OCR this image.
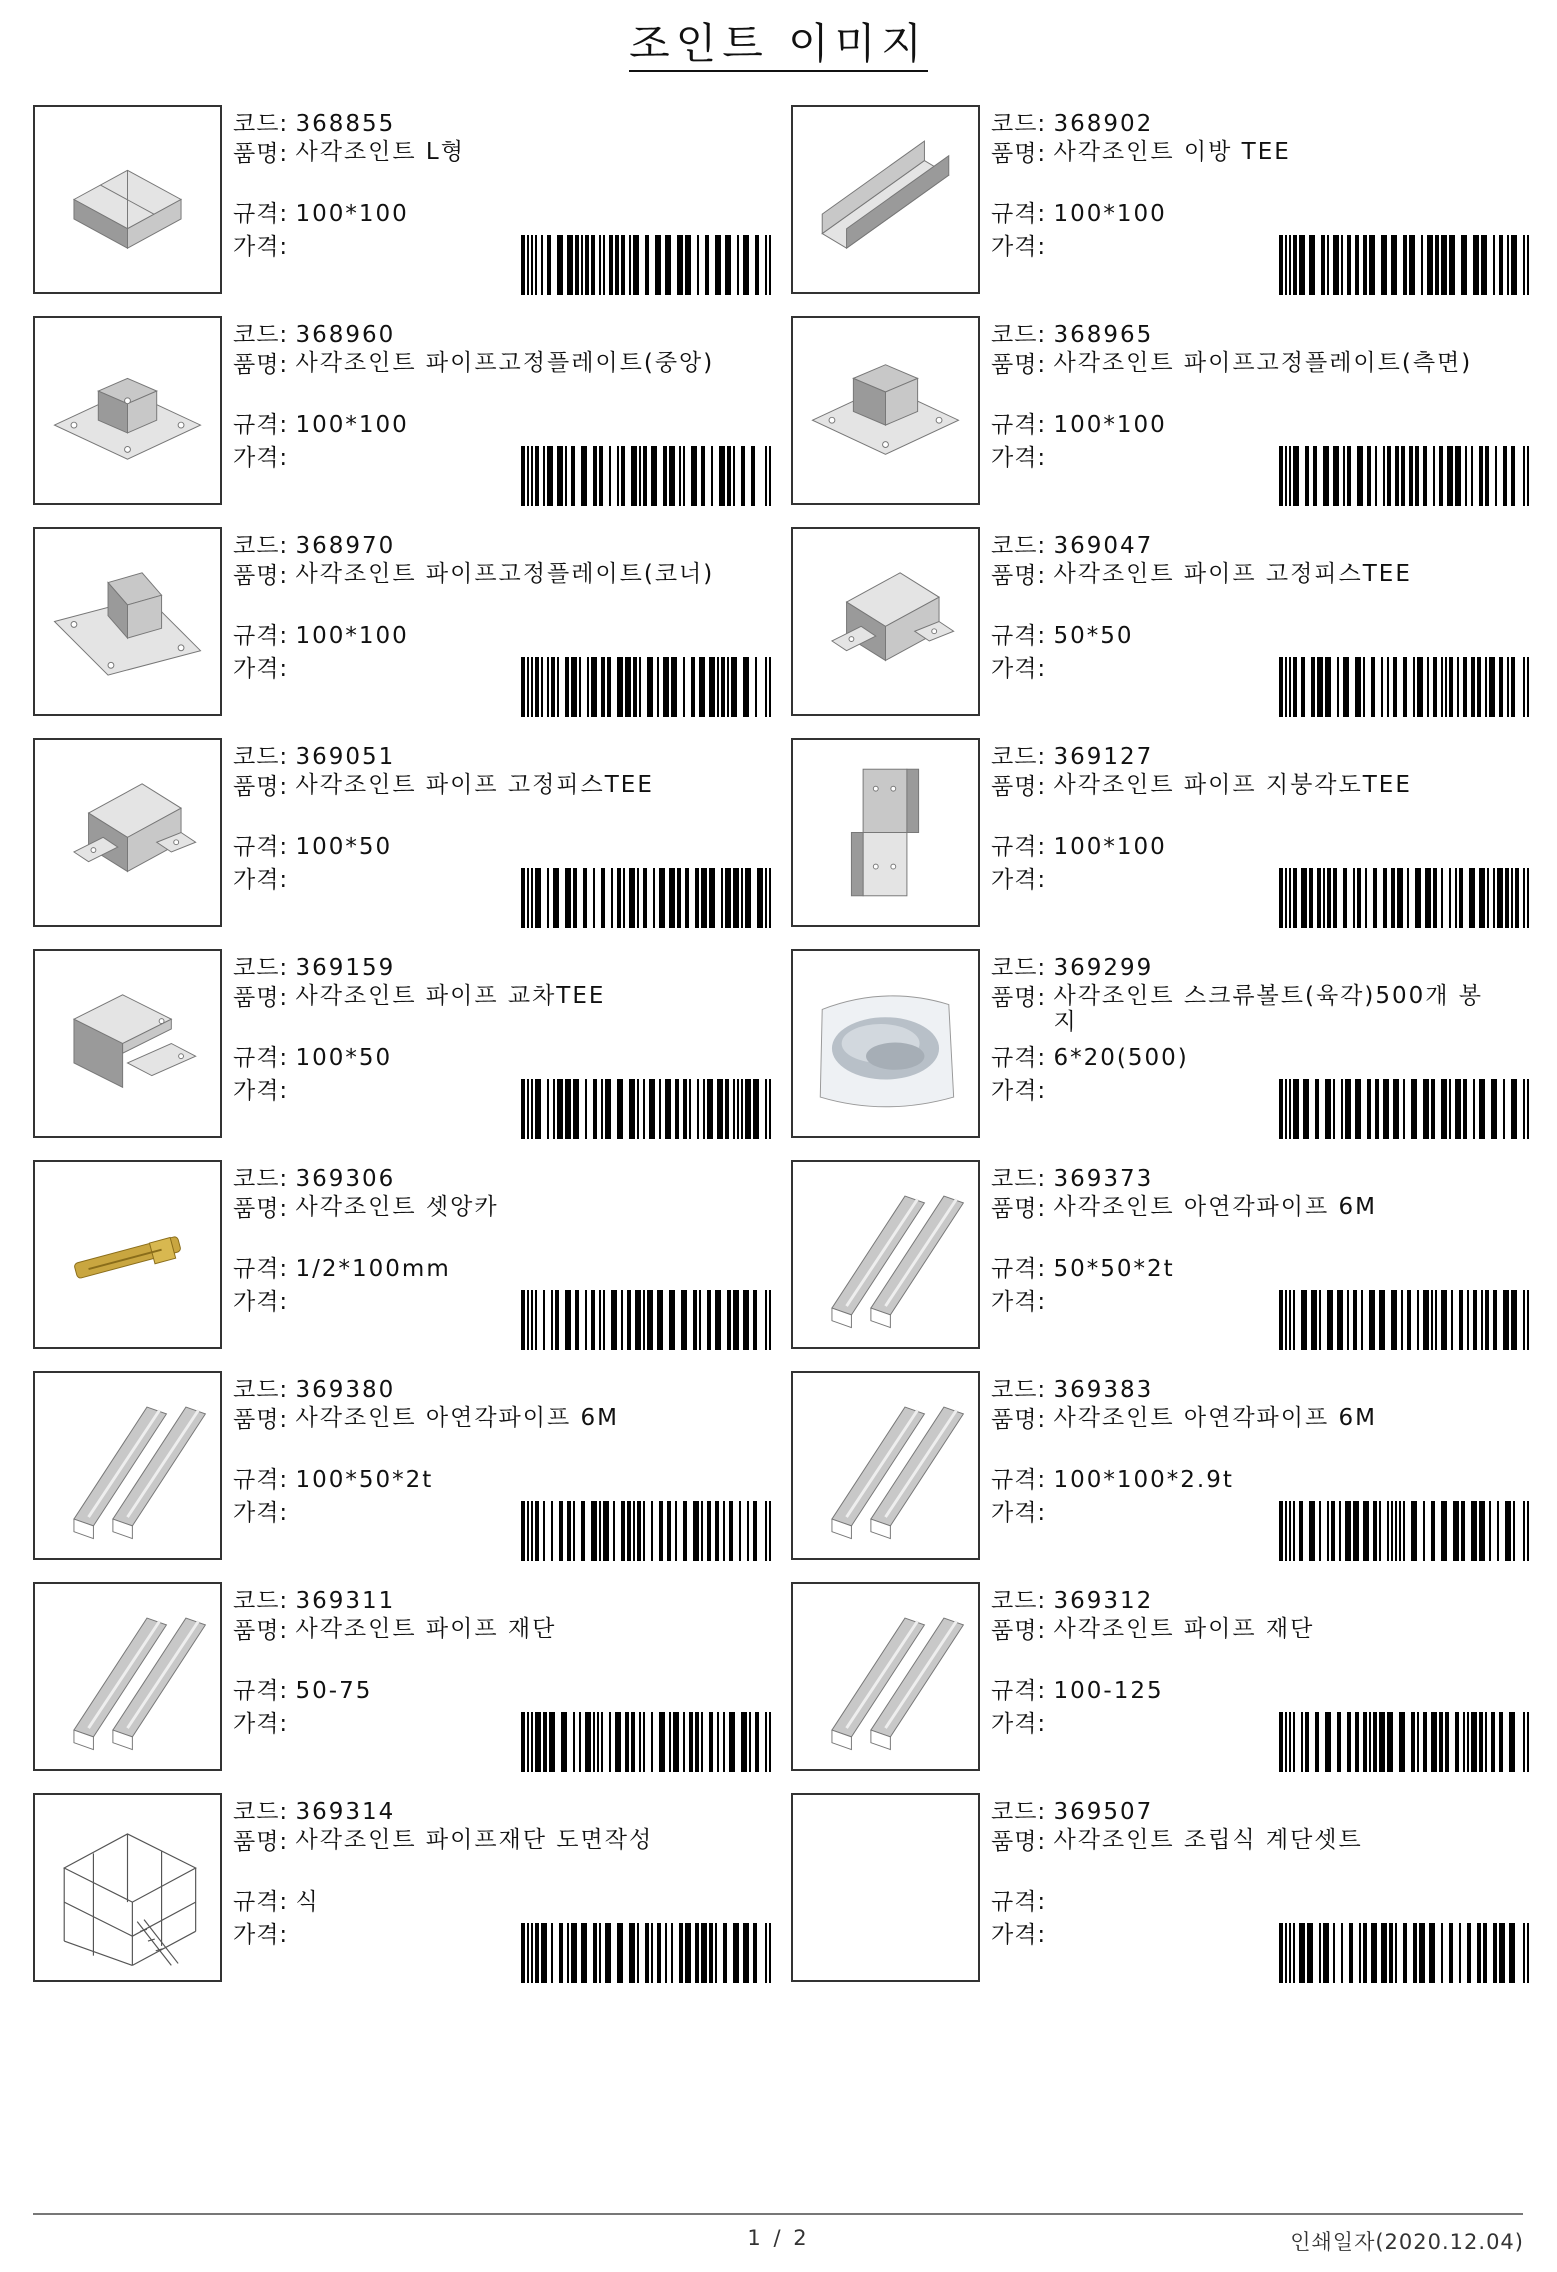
조인트 이미지
코드: 368855
품명: 사각조인트 L형
규격: 100*100
가격:
코드: 368902
품명: 사각조인트 이방 TEE
규격: 100*100
가격:
코드: 368960
품명: 사각조인트 파이프고정플레이트(중앙)
규격: 100*100
가격:
코드: 368965
품명: 사각조인트 파이프고정플레이트(측면)
규격: 100*100
가격:
코드: 368970
품명: 사각조인트 파이프고정플레이트(코너)
규격: 100*100
가격:
코드: 369047
품명: 사각조인트 파이프 고정피스TEE
규격: 50*50
가격:
코드: 369051
품명: 사각조인트 파이프 고정피스TEE
규격: 100*50
가격:
코드: 369127
품명: 사각조인트 파이프 지붕각도TEE
규격: 100*100
가격:
코드: 369159
품명: 사각조인트 파이프 교차TEE
규격: 100*50
가격:
코드: 369299
품명: 사각조인트 스크류볼트(육각)500개 봉지
규격: 6*20(500)
가격:
코드: 369306
품명: 사각조인트 셋앙카
규격: 1/2*100mm
가격:
코드: 369373
품명: 사각조인트 아연각파이프 6M
규격: 50*50*2t
가격:
코드: 369380
품명: 사각조인트 아연각파이프 6M
규격: 100*50*2t
가격:
코드: 369383
품명: 사각조인트 아연각파이프 6M
규격: 100*100*2.9t
가격:
코드: 369311
품명: 사각조인트 파이프 재단
규격: 50-75
가격:
코드: 369312
품명: 사각조인트 파이프 재단
규격: 100-125
가격:
코드: 369314
품명: 사각조인트 파이프재단 도면작성
규격: 식
가격:
코드: 369507
품명: 사각조인트 조립식 계단셋트
규격:
가격:
1 / 2	인쇄일자(2020.12.04)
